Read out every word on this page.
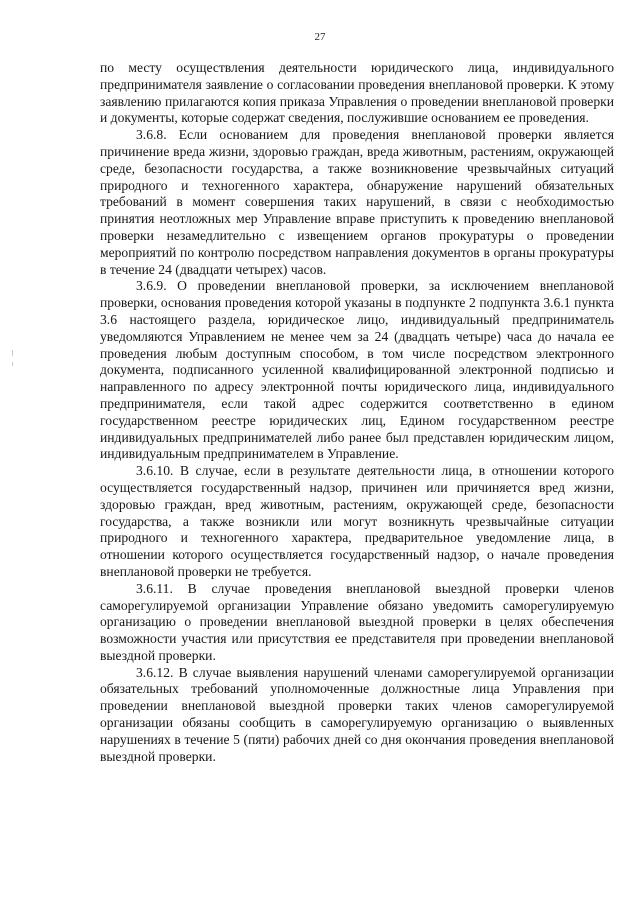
27

по месту осуществления деятельности юридического лица, индивидуального предпринимателя заявление о согласовании проведения внеплановой проверки. К этому заявлению прилагаются копия приказа Управления о проведении внеплановой проверки и документы, которые содержат сведения, послужившие основанием ее проведения.

3.6.8. Если основанием для проведения внеплановой проверки является причинение вреда жизни, здоровью граждан, вреда животным, растениям, окружающей среде, безопасности государства, а также возникновение чрезвычайных ситуаций природного и техногенного характера, обнаружение нарушений обязательных требований в момент совершения таких нарушений, в связи с необходимостью принятия неотложных мер Управление вправе приступить к проведению внеплановой проверки незамедлительно с извещением органов прокуратуры о проведении мероприятий по контролю посредством направления документов в органы прокуратуры в течение 24 (двадцати четырех) часов.

3.6.9. О проведении внеплановой проверки, за исключением внеплановой проверки, основания проведения которой указаны в подпункте 2 подпункта 3.6.1 пункта 3.6 настоящего раздела, юридическое лицо, индивидуальный предприниматель уведомляются Управлением не менее чем за 24 (двадцать четыре) часа до начала ее проведения любым доступным способом, в том числе посредством электронного документа, подписанного усиленной квалифицированной электронной подписью и направленного по адресу электронной почты юридического лица, индивидуального предпринимателя, если такой адрес содержится соответственно в едином государственном реестре юридических лиц, Едином государственном реестре индивидуальных предпринимателей либо ранее был представлен юридическим лицом, индивидуальным предпринимателем в Управление.

3.6.10. В случае, если в результате деятельности лица, в отношении которого осуществляется государственный надзор, причинен или причиняется вред жизни, здоровью граждан, вред животным, растениям, окружающей среде, безопасности государства, а также возникли или могут возникнуть чрезвычайные ситуации природного и техногенного характера, предварительное уведомление лица, в отношении которого осуществляется государственный надзор, о начале проведения внеплановой проверки не требуется.

3.6.11. В случае проведения внеплановой выездной проверки членов саморегулируемой организации Управление обязано уведомить саморегулируемую организацию о проведении внеплановой выездной проверки в целях обеспечения возможности участия или присутствия ее представителя при проведении внеплановой выездной проверки.

3.6.12. В случае выявления нарушений членами саморегулируемой организации обязательных требований уполномоченные должностные лица Управления при проведении внеплановой выездной проверки таких членов саморегулируемой организации обязаны сообщить в саморегулируемую организацию о выявленных нарушениях в течение 5 (пяти) рабочих дней со дня окончания проведения внеплановой выездной проверки.
